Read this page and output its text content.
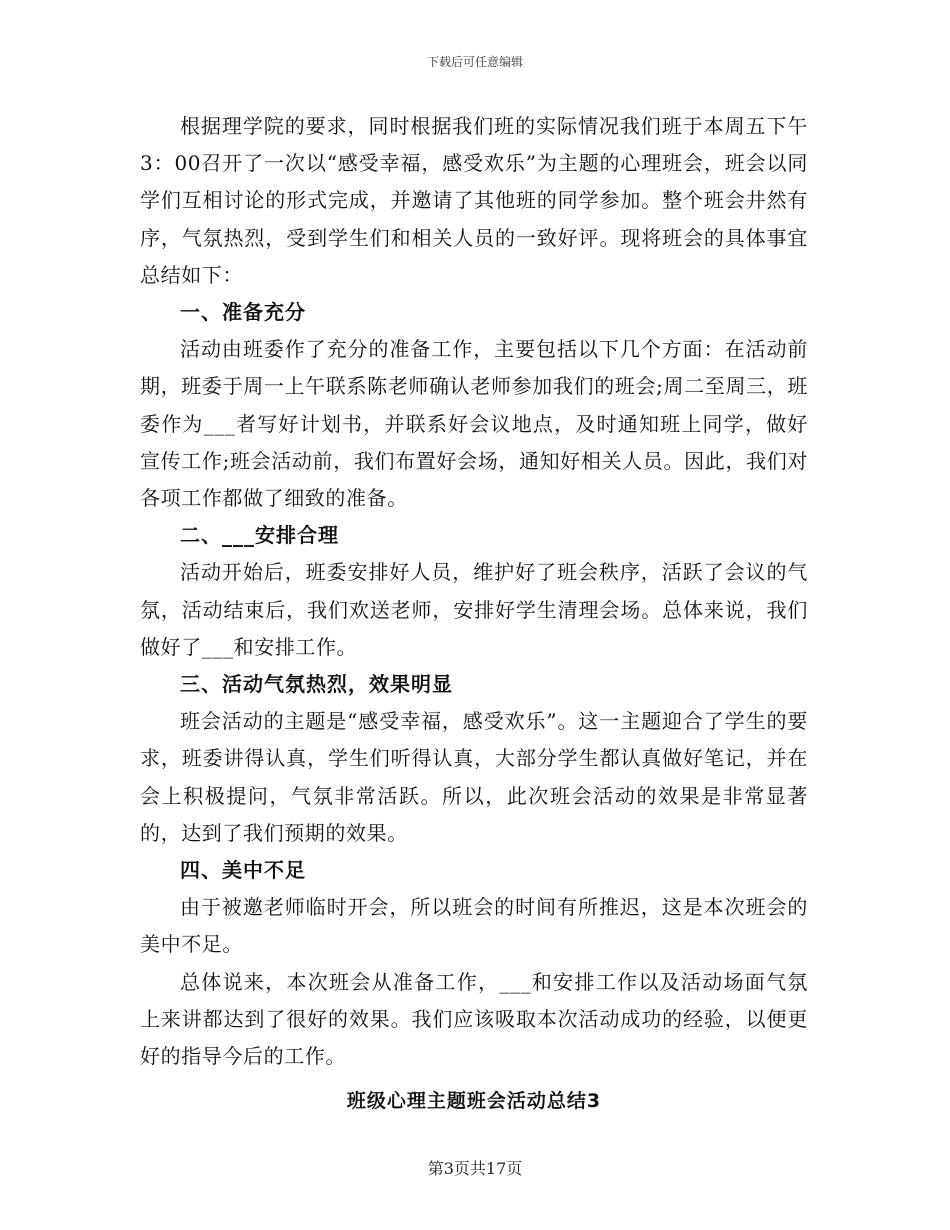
下载后可任意编辑

根据理学院的要求，同时根据我们班的实际情况我们班于本周五下午3：00召开了一次以“感受幸福，感受欢乐”为主题的心理班会，班会以同学们互相讨论的形式完成，并邀请了其他班的同学参加。整个班会井然有序，气氛热烈，受到学生们和相关人员的一致好评。现将班会的具体事宜总结如下：

一、准备充分

活动由班委作了充分的准备工作，主要包括以下几个方面：在活动前期，班委于周一上午联系陈老师确认老师参加我们的班会;周二至周三，班委作为___者写好计划书，并联系好会议地点，及时通知班上同学，做好宣传工作;班会活动前，我们布置好会场，通知好相关人员。因此，我们对各项工作都做了细致的准备。

二、___安排合理

活动开始后，班委安排好人员，维护好了班会秩序，活跃了会议的气氛，活动结束后，我们欢送老师，安排好学生清理会场。总体来说，我们做好了___和安排工作。

三、活动气氛热烈，效果明显

班会活动的主题是“感受幸福，感受欢乐”。这一主题迎合了学生的要求，班委讲得认真，学生们听得认真，大部分学生都认真做好笔记，并在会上积极提问，气氛非常活跃。所以，此次班会活动的效果是非常显著的，达到了我们预期的效果。

四、美中不足

由于被邀老师临时开会，所以班会的时间有所推迟，这是本次班会的美中不足。

总体说来，本次班会从准备工作，___和安排工作以及活动场面气氛上来讲都达到了很好的效果。我们应该吸取本次活动成功的经验，以便更好的指导今后的工作。

班级心理主题班会活动总结3

第3页共17页
